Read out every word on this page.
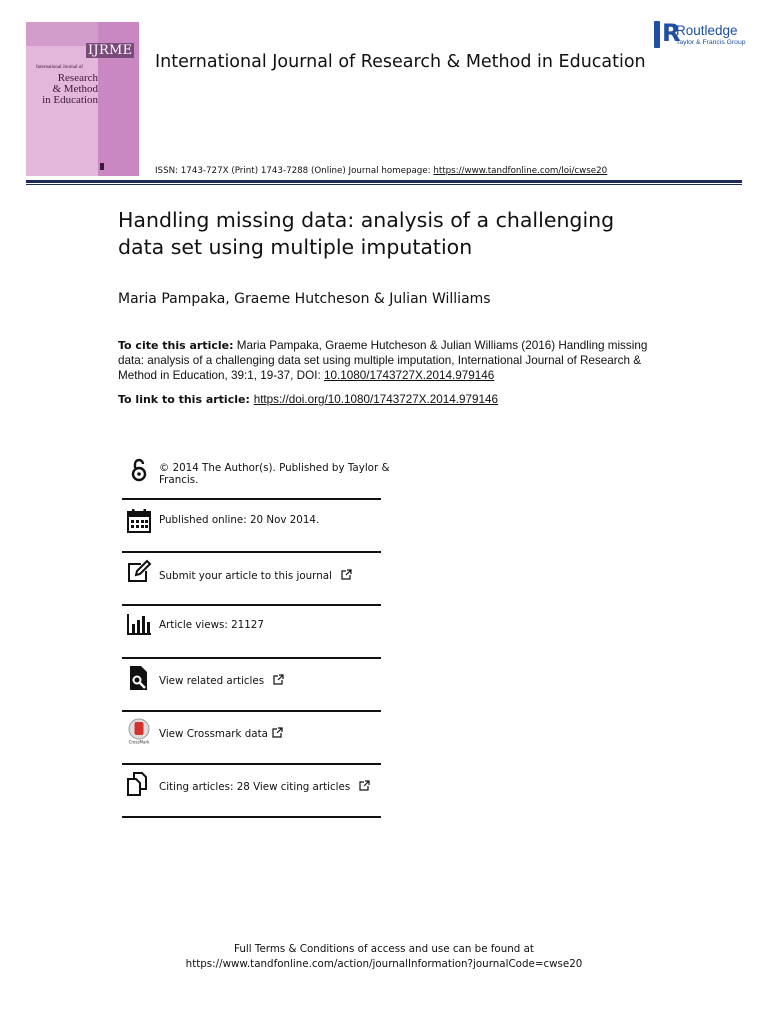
IJRME
International Journal of
Research
& Method
in Education
International Journal of Research & Method in Education
R
Routledge
Taylor & Francis Group
ISSN: 1743-727X (Print) 1743-7288 (Online) Journal homepage: https://www.tandfonline.com/loi/cwse20
Handling missing data: analysis of a challenging data set using multiple imputation
Maria Pampaka, Graeme Hutcheson & Julian Williams
To cite this article: Maria Pampaka, Graeme Hutcheson & Julian Williams (2016) Handling missing data: analysis of a challenging data set using multiple imputation, International Journal of Research & Method in Education, 39:1, 19-37, DOI: 10.1080/1743727X.2014.979146
To link to this article: https://doi.org/10.1080/1743727X.2014.979146
© 2014 The Author(s). Published by Taylor &
Francis.
Published online: 20 Nov 2014.
Submit your article to this journal
Article views: 21127
View related articles
CrossMark
View Crossmark data
Citing articles: 28 View citing articles
Full Terms & Conditions of access and use can be found at
https://www.tandfonline.com/action/journalInformation?journalCode=cwse20
